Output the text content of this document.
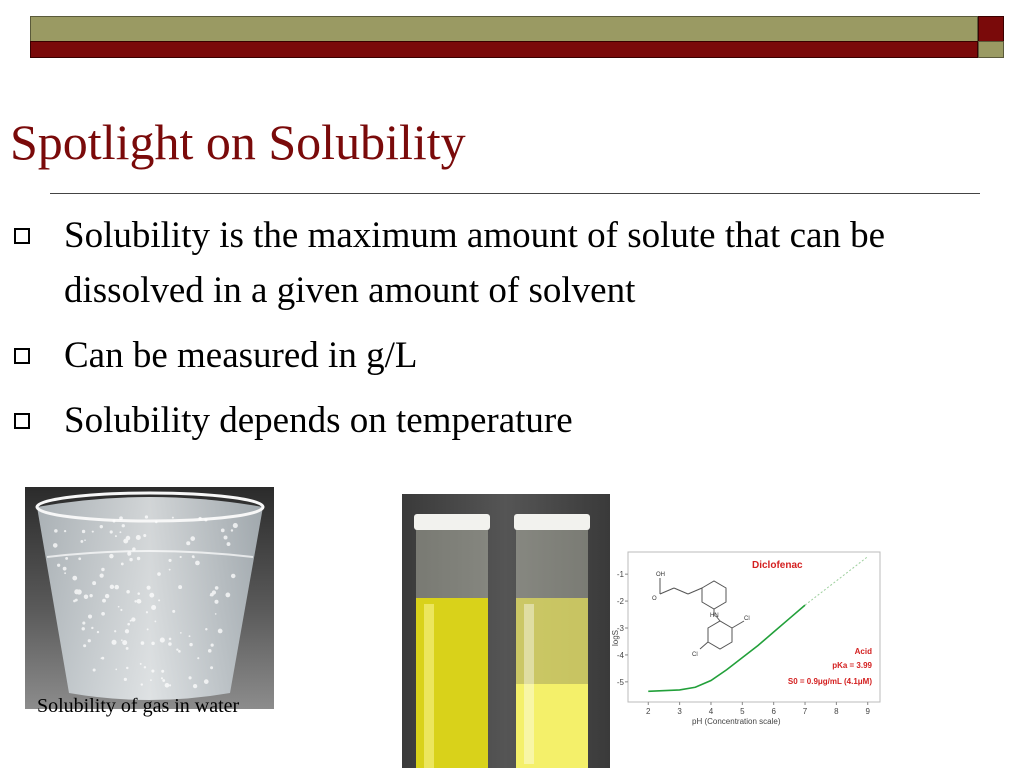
Spotlight on Solubility
Solubility is the maximum amount of solute that can be dissolved in a given amount of solvent
Can be measured in g/L
Solubility depends on temperature
logS
pH (Concentration scale)
Diclofenac
OH
O
HN	Cl
Cl	Acid
pKa = 3.99
S0 = 0.9μg/mL (4.1μM)
2	3	4	5	6	7	8	9
-1
-2
-3
-4
-5
Solubility of gas in water
